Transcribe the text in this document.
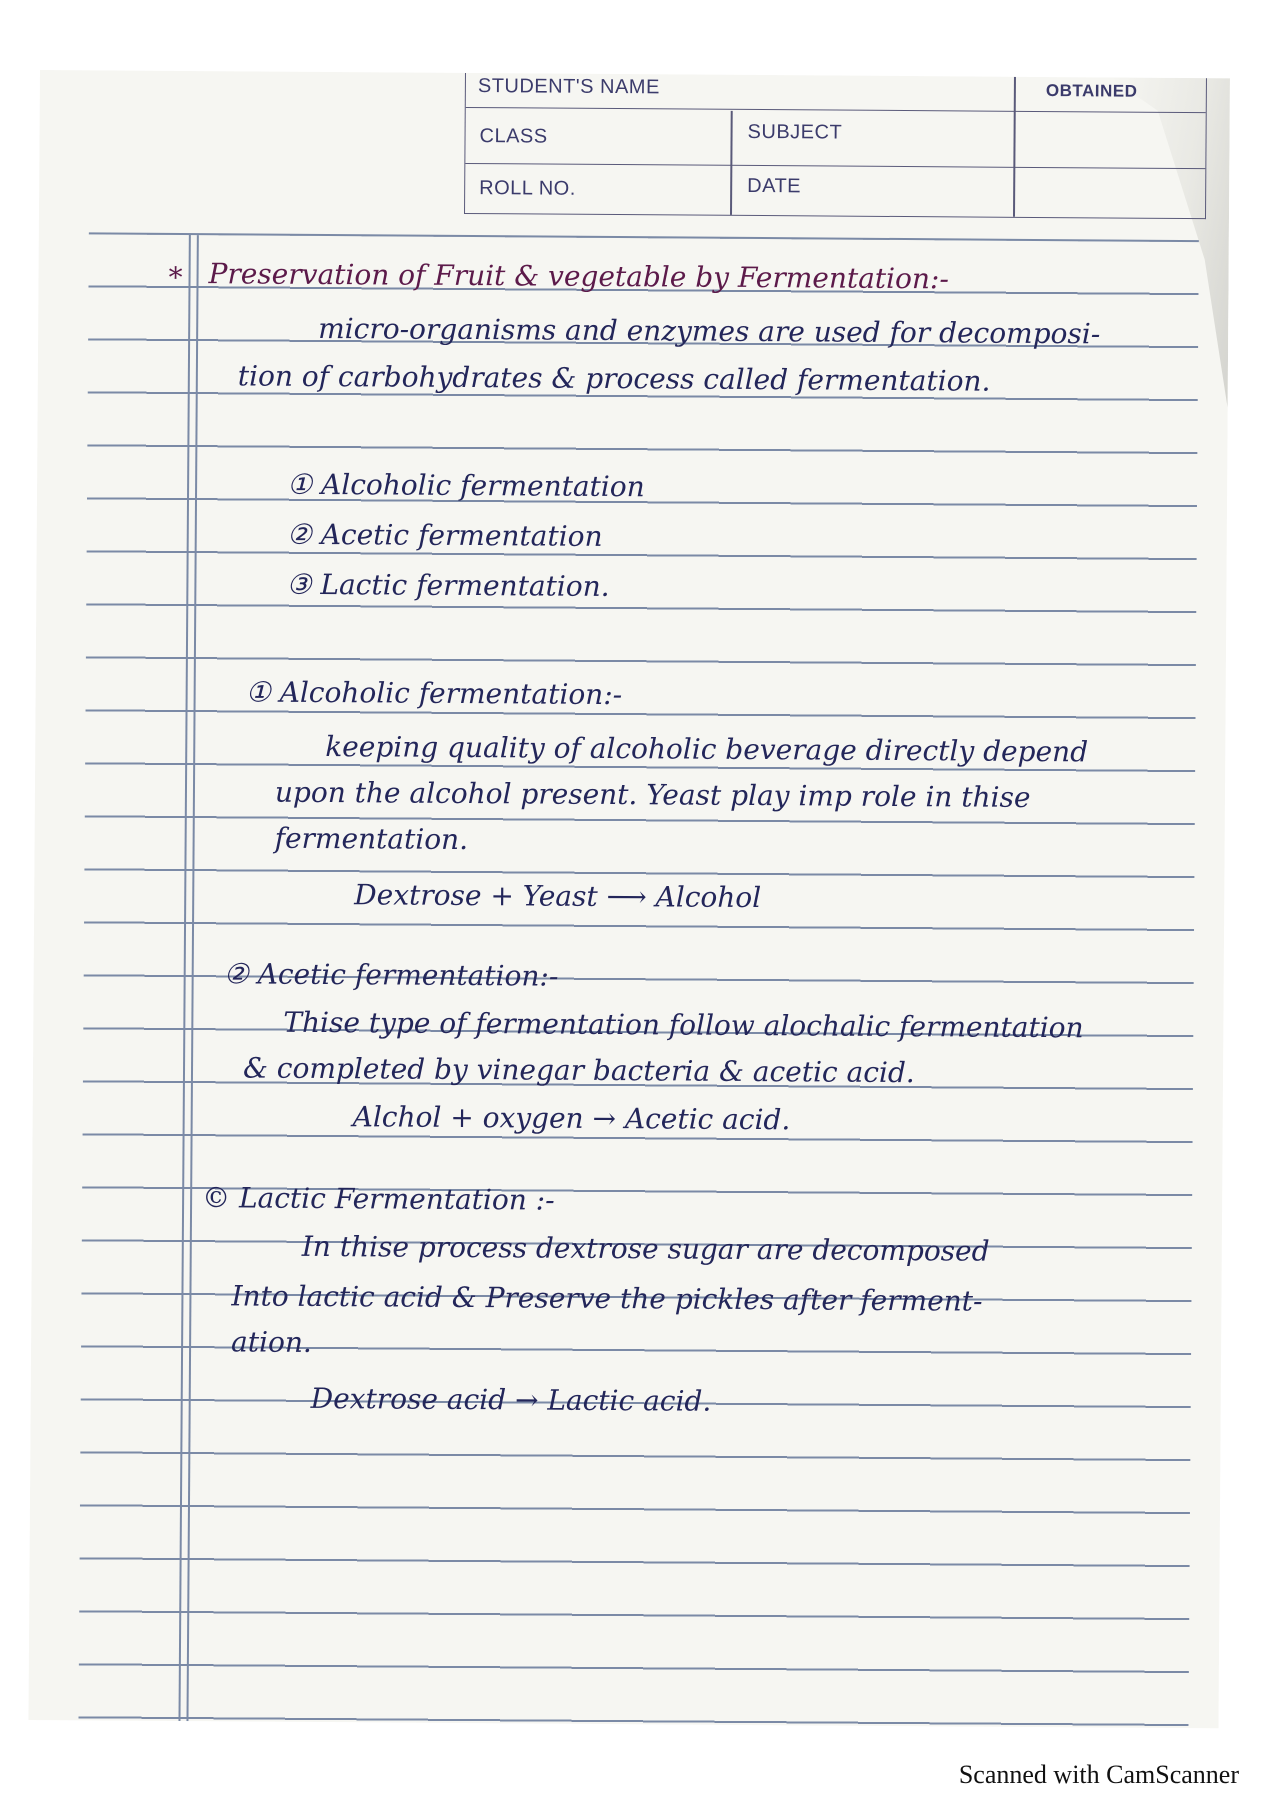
STUDENT'S NAME	OBTAINED
CLASS	SUBJECT
ROLL NO.	DATE
* Preservation of Fruit & vegetable by Fermentation:-
micro-organisms and enzymes are used for decomposi-
tion of carbohydrates & process called fermentation.
① Alcoholic fermentation
② Acetic fermentation
③ Lactic fermentation.
① Alcoholic fermentation:-
keeping quality of alcoholic beverage directly depend
upon the alcohol present. Yeast play imp role in thise
fermentation.
Dextrose + Yeast ⟶ Alcohol
② Acetic fermentation:-
Thise type of fermentation follow alochalic fermentation
& completed by vinegar bacteria & acetic acid.
Alchol + oxygen → Acetic acid.
© Lactic Fermentation :-
In thise process dextrose sugar are decomposed
Into lactic acid & Preserve the pickles after ferment-
ation.
Dextrose acid → Lactic acid.
Scanned with CamScanner
